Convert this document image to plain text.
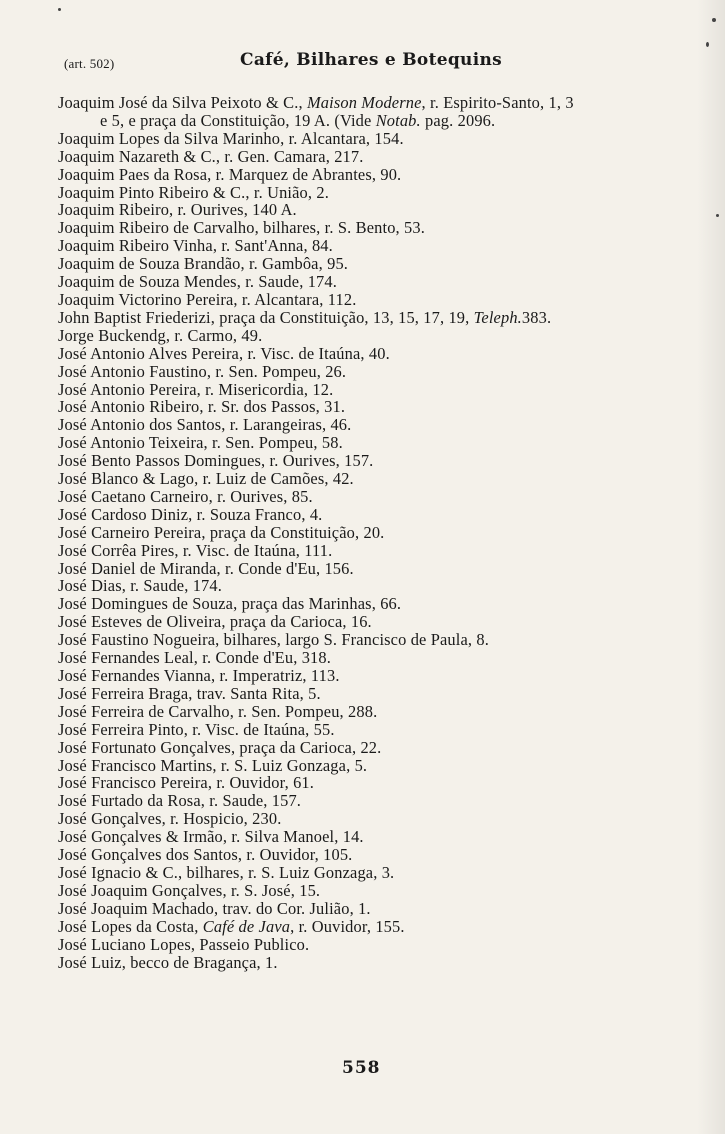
(art. 502)	Café, Bilhares e Botequins
Joaquim José da Silva Peixoto & C., Maison Moderne, r. Espirito-Santo, 1, 3
e 5, e praça da Constituição, 19 A. (Vide Notab. pag. 2096.
Joaquim Lopes da Silva Marinho, r. Alcantara, 154.
Joaquim Nazareth & C., r. Gen. Camara, 217.
Joaquim Paes da Rosa, r. Marquez de Abrantes, 90.
Joaquim Pinto Ribeiro & C., r. União, 2.
Joaquim Ribeiro, r. Ourives, 140 A.
Joaquim Ribeiro de Carvalho, bilhares, r. S. Bento, 53.
Joaquim Ribeiro Vinha, r. Sant'Anna, 84.
Joaquim de Souza Brandão, r. Gambôa, 95.
Joaquim de Souza Mendes, r. Saude, 174.
Joaquim Victorino Pereira, r. Alcantara, 112.
John Baptist Friederizi, praça da Constituição, 13, 15, 17, 19, Teleph.383.
Jorge Buckendg, r. Carmo, 49.
José Antonio Alves Pereira, r. Visc. de Itaúna, 40.
José Antonio Faustino, r. Sen. Pompeu, 26.
José Antonio Pereira, r. Misericordia, 12.
José Antonio Ribeiro, r. Sr. dos Passos, 31.
José Antonio dos Santos, r. Larangeiras, 46.
José Antonio Teixeira, r. Sen. Pompeu, 58.
José Bento Passos Domingues, r. Ourives, 157.
José Blanco & Lago, r. Luiz de Camões, 42.
José Caetano Carneiro, r. Ourives, 85.
José Cardoso Diniz, r. Souza Franco, 4.
José Carneiro Pereira, praça da Constituição, 20.
José Corrêa Pires, r. Visc. de Itaúna, 111.
José Daniel de Miranda, r. Conde d'Eu, 156.
José Dias, r. Saude, 174.
José Domingues de Souza, praça das Marinhas, 66.
José Esteves de Oliveira, praça da Carioca, 16.
José Faustino Nogueira, bilhares, largo S. Francisco de Paula, 8.
José Fernandes Leal, r. Conde d'Eu, 318.
José Fernandes Vianna, r. Imperatriz, 113.
José Ferreira Braga, trav. Santa Rita, 5.
José Ferreira de Carvalho, r. Sen. Pompeu, 288.
José Ferreira Pinto, r. Visc. de Itaúna, 55.
José Fortunato Gonçalves, praça da Carioca, 22.
José Francisco Martins, r. S. Luiz Gonzaga, 5.
José Francisco Pereira, r. Ouvidor, 61.
José Furtado da Rosa, r. Saude, 157.
José Gonçalves, r. Hospicio, 230.
José Gonçalves & Irmão, r. Silva Manoel, 14.
José Gonçalves dos Santos, r. Ouvidor, 105.
José Ignacio & C., bilhares, r. S. Luiz Gonzaga, 3.
José Joaquim Gonçalves, r. S. José, 15.
José Joaquim Machado, trav. do Cor. Julião, 1.
José Lopes da Costa, Café de Java, r. Ouvidor, 155.
José Luciano Lopes, Passeio Publico.
José Luiz, becco de Bragança, 1.
558
